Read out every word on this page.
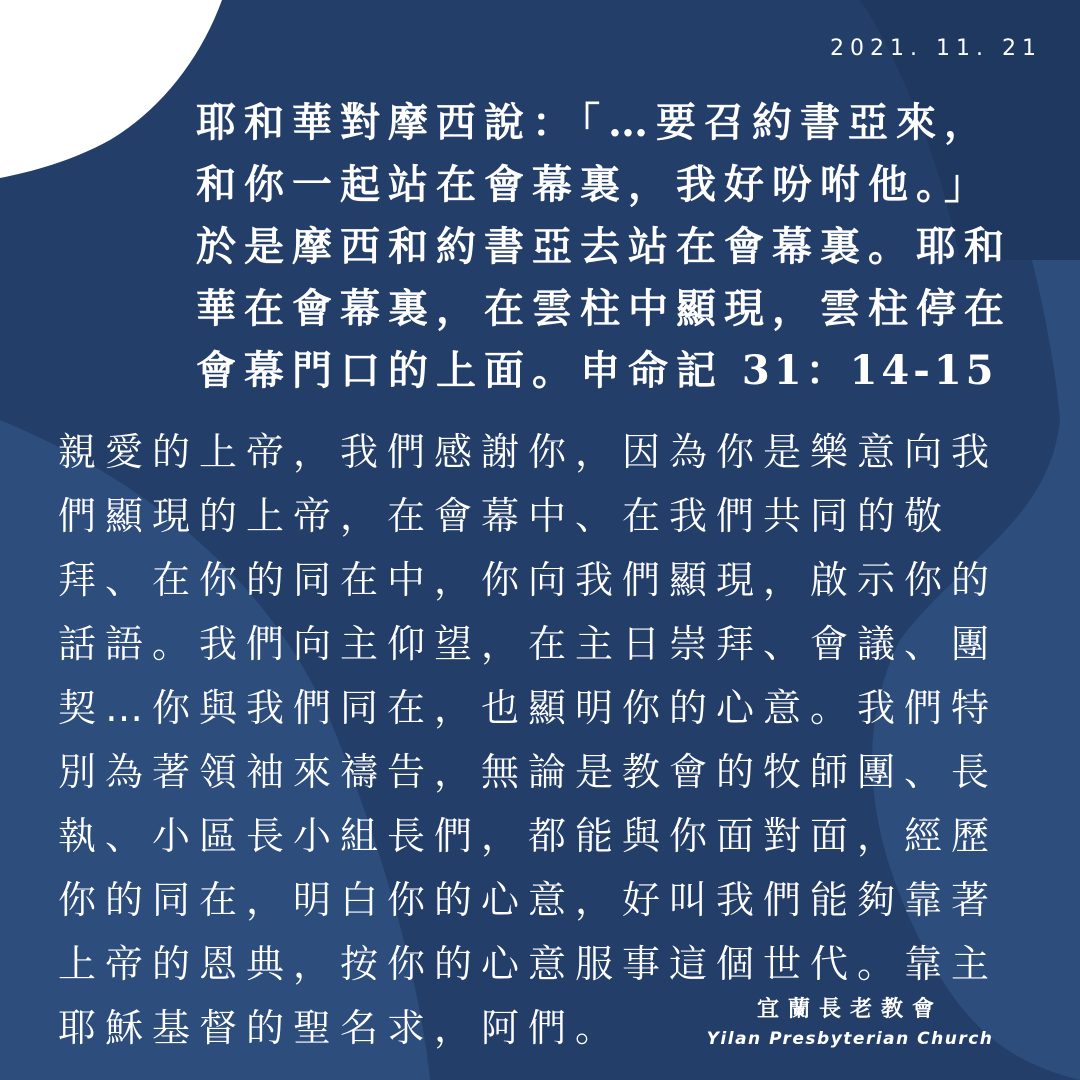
2021. 11. 21

耶和華對摩西說：「…要召約書亞來，和你一起站在會幕裏，我好吩咐他。」於是摩西和約書亞去站在會幕裏。耶和華在會幕裏，在雲柱中顯現，雲柱停在會幕門口的上面。申命記 31：14-15

親愛的上帝，我們感謝你，因為你是樂意向我們顯現的上帝，在會幕中、在我們共同的敬拜、在你的同在中，你向我們顯現，啟示你的話語。我們向主仰望，在主日崇拜、會議、團契…你與我們同在，也顯明你的心意。我們特別為著領袖來禱告，無論是教會的牧師團、長執、小區長小組長們，都能與你面對面，經歷你的同在，明白你的心意，好叫我們能夠靠著上帝的恩典，按你的心意服事這個世代。靠主耶穌基督的聖名求，阿們。	宜蘭長老教會
Yilan Presbyterian Church
